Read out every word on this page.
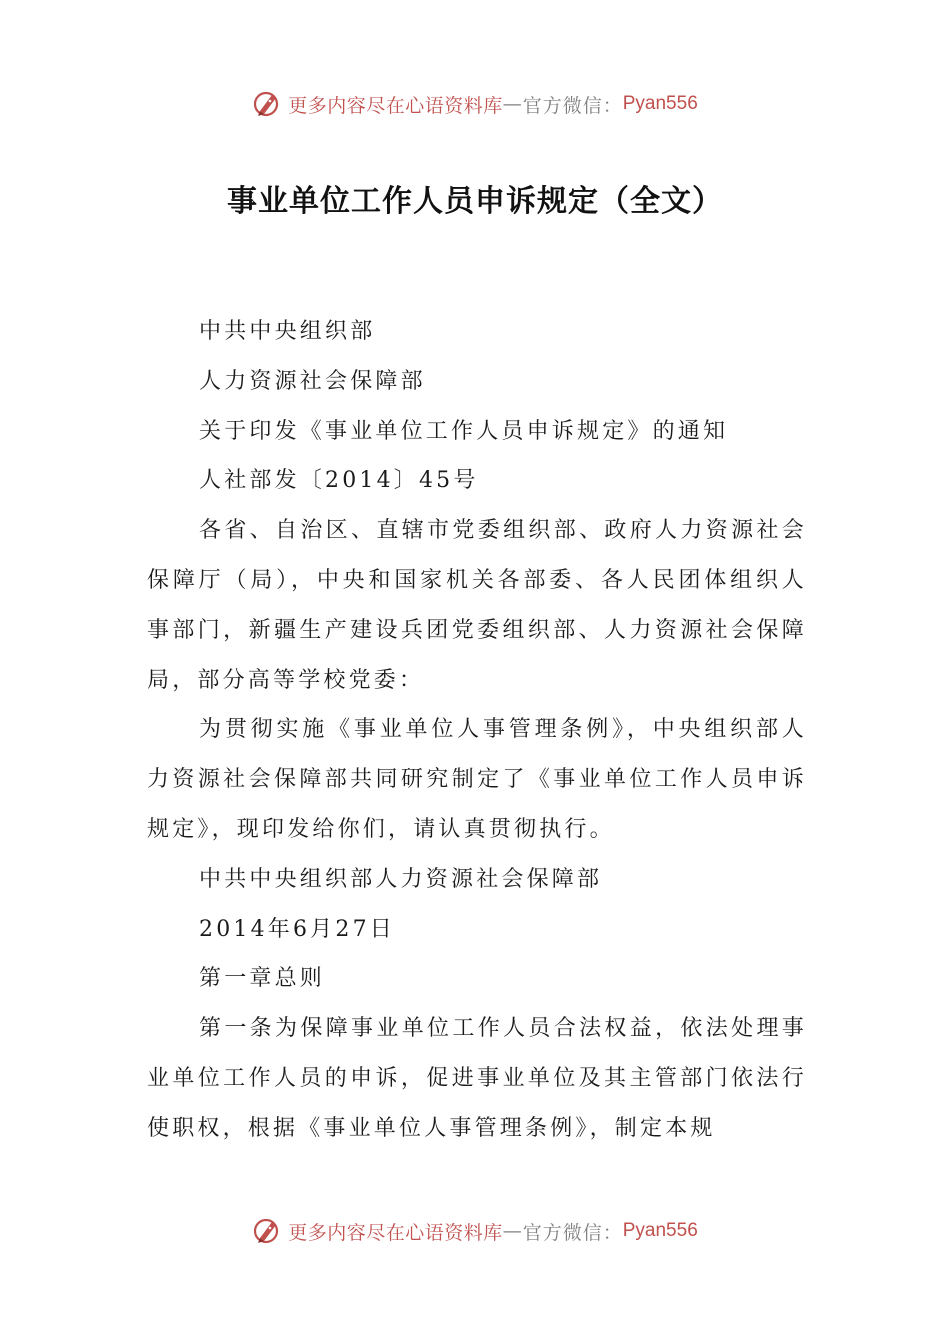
更多内容尽在心语资料库 — 官方微信： Pyan556
事业单位工作人员申诉规定（全文）

中共中央组织部

人力资源社会保障部

关于印发《事业单位工作人员申诉规定》的通知

人社部发〔2014〕45号

各省、自治区、直辖市党委组织部、政府人力资源社会保障厅（局），中央和国家机关各部委、各人民团体组织人事部门，新疆生产建设兵团党委组织部、人力资源社会保障局，部分高等学校党委：

为贯彻实施《事业单位人事管理条例》，中央组织部人力资源社会保障部共同研究制定了《事业单位工作人员申诉规定》，现印发给你们，请认真贯彻执行。

中共中央组织部人力资源社会保障部

2014年6月27日

第一章总则

第一条为保障事业单位工作人员合法权益，依法处理事业单位工作人员的申诉，促进事业单位及其主管部门依法行使职权，根据《事业单位人事管理条例》，制定本规

更多内容尽在心语资料库 — 官方微信： Pyan556
